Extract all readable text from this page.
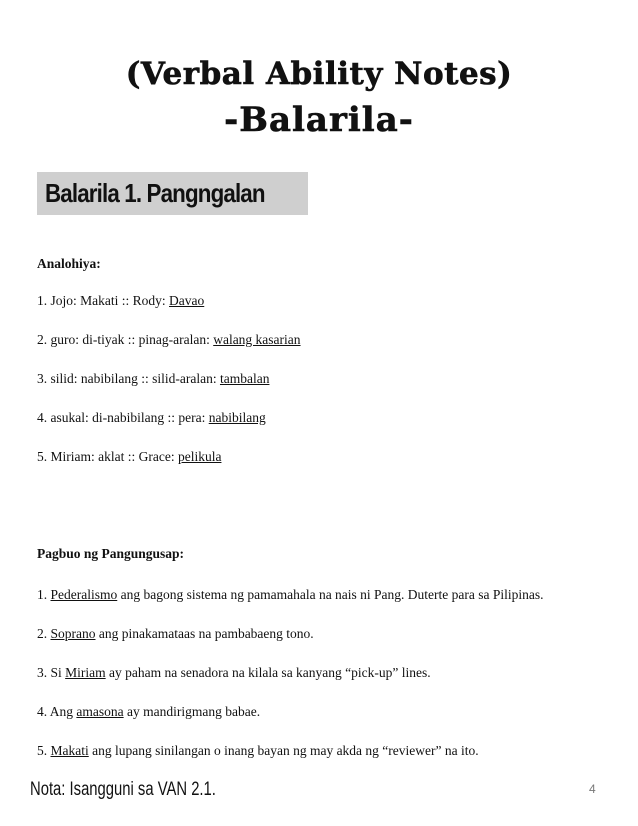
(Verbal Ability Notes)
-Balarila-
Balarila 1. Pangngalan

Analohiya:

1. Jojo: Makati :: Rody: Davao
2. guro: di-tiyak :: pinag-aralan: walang kasarian
3. silid: nabibilang :: silid-aralan: tambalan
4. asukal: di-nabibilang :: pera: nabibilang
5. Miriam: aklat :: Grace: pelikula

Pagbuo ng Pangungusap:

1. Pederalismo ang bagong sistema ng pamamahala na nais ni Pang. Duterte para sa Pilipinas.
2. Soprano ang pinakamataas na pambabaeng tono.
3. Si Miriam ay paham na senadora na kilala sa kanyang “pick-up” lines.
4. Ang amasona ay mandirigmang babae.
5. Makati ang lupang sinilangan o inang bayan ng may akda ng “reviewer” na ito.
Nota: Isangguni sa VAN 2.1.	4
